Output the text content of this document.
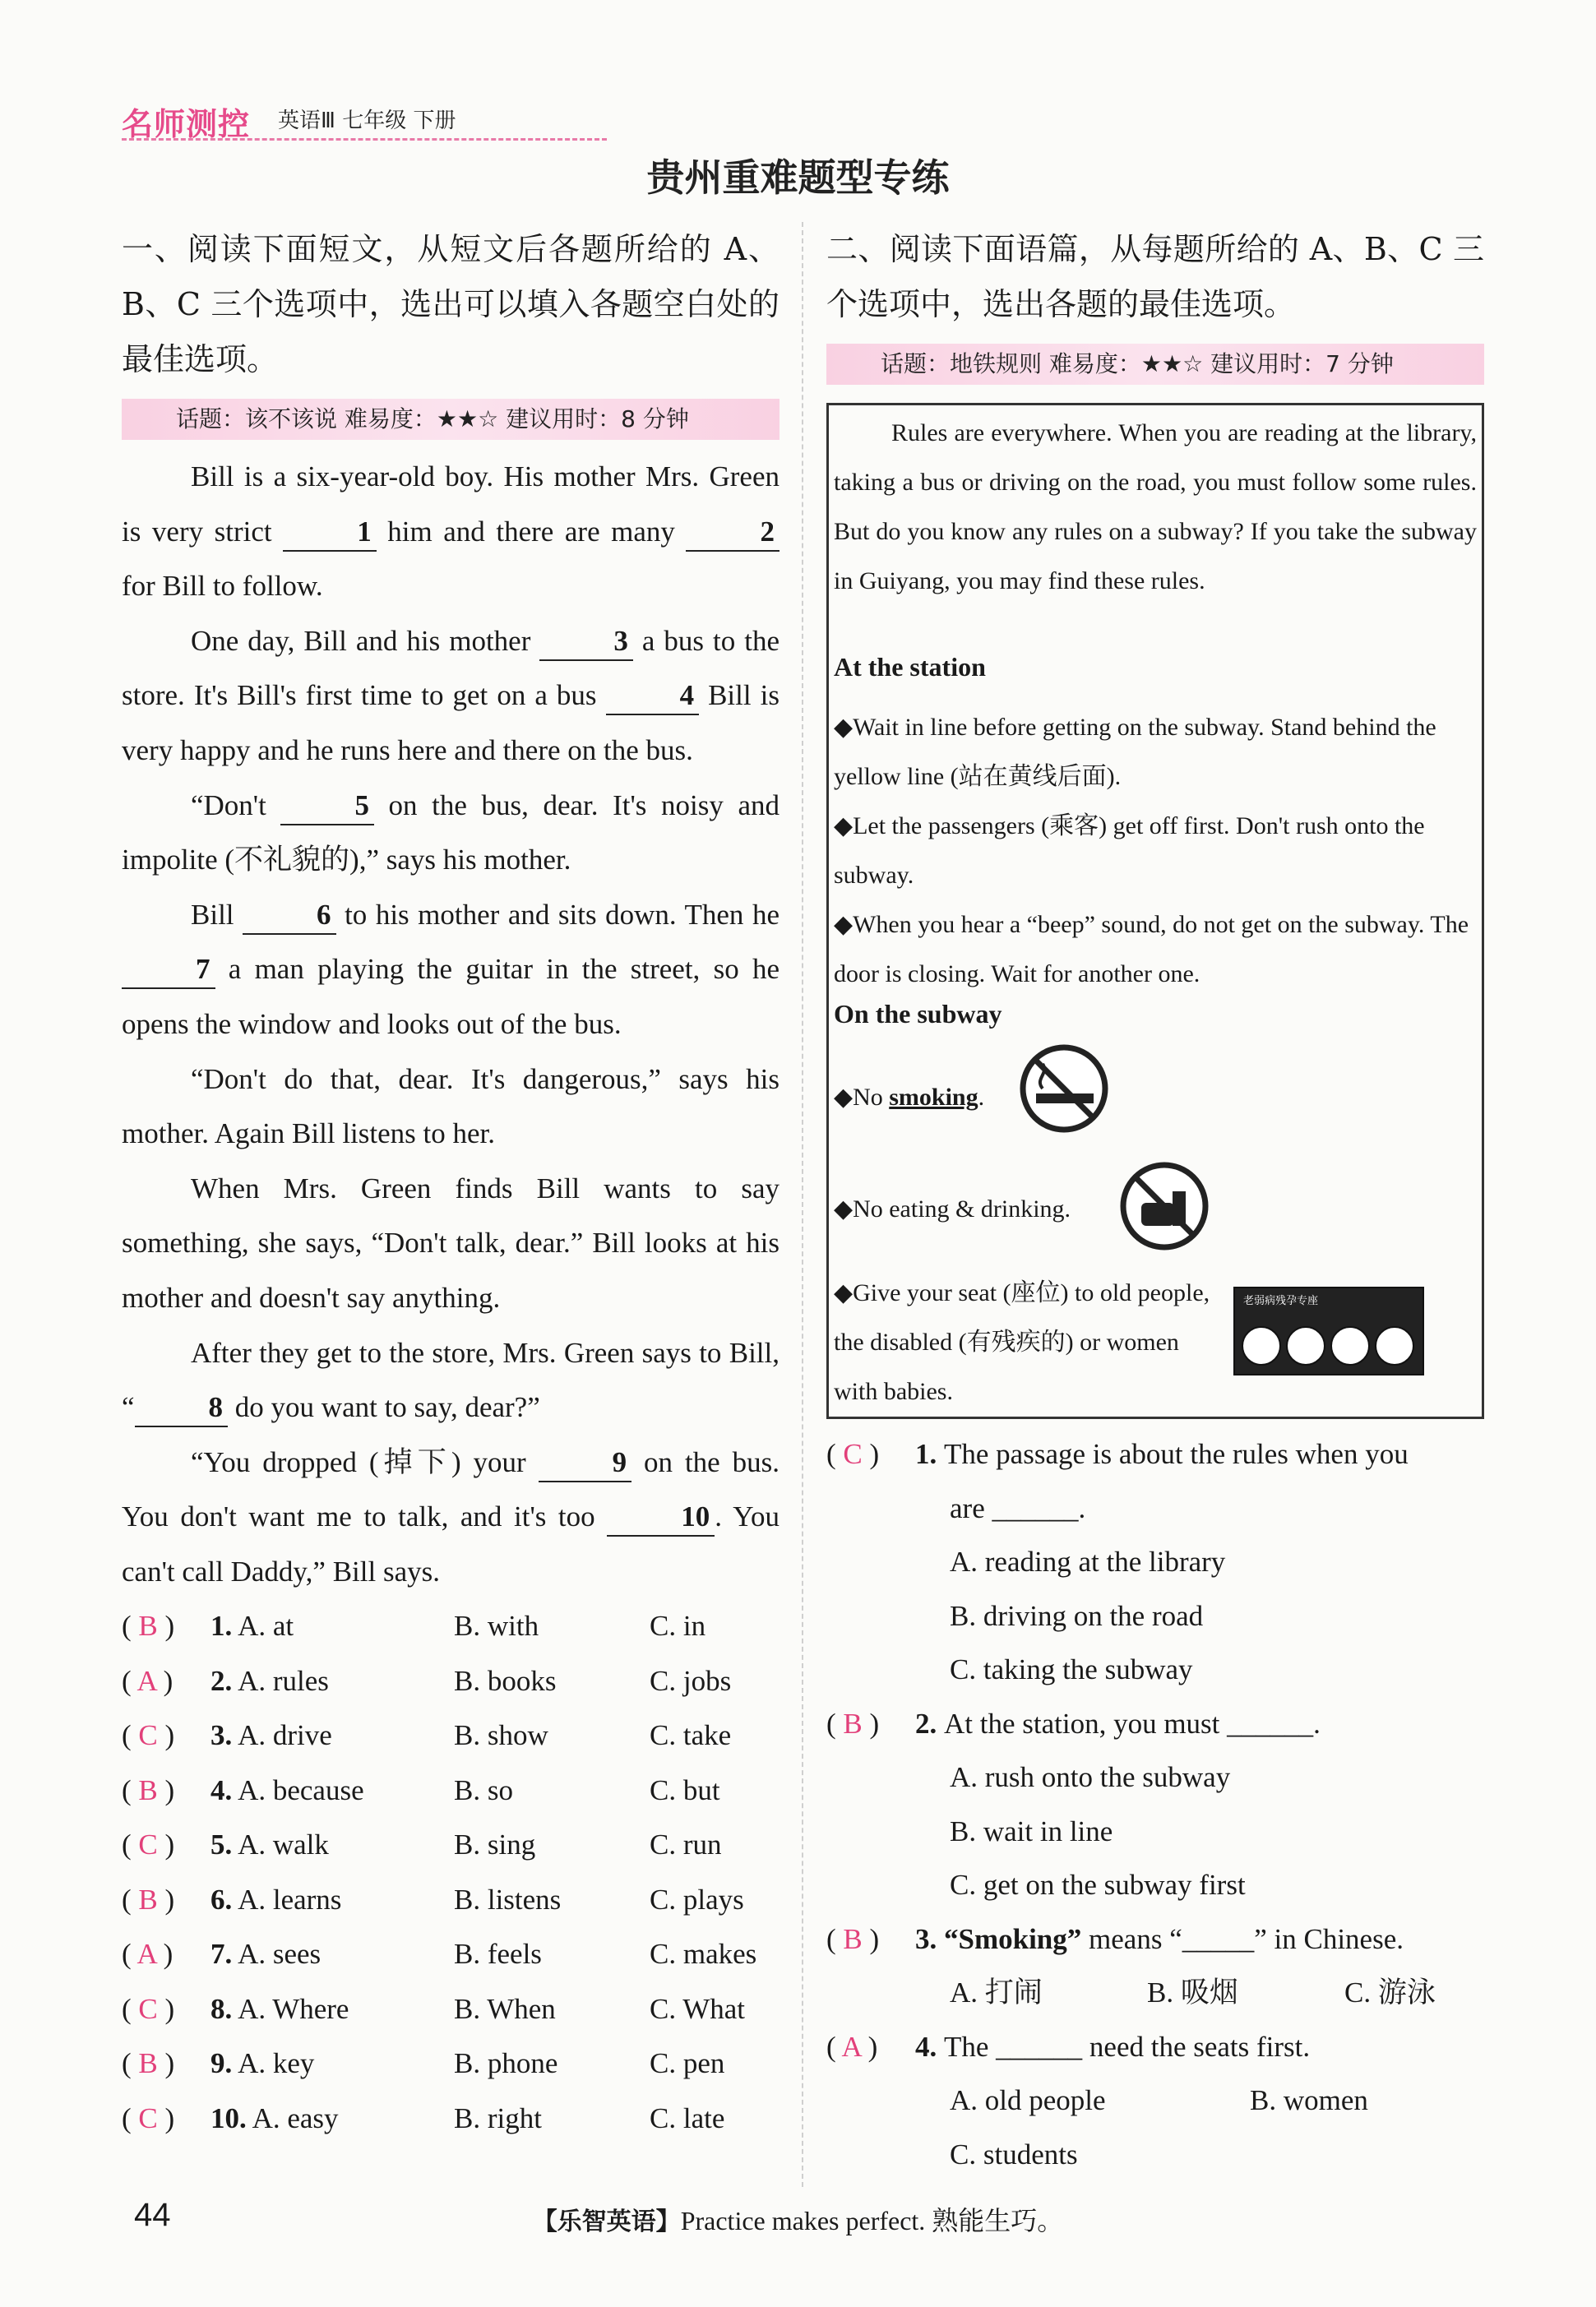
名师测控 英语Ⅲ 七年级 下册
贵州重难题型专练
一、阅读下面短文，从短文后各题所给的 A、B、C 三个选项中，选出可以填入各题空白处的最佳选项。
话题：该不该说 难易度：★★☆ 建议用时：8 分钟
Bill is a six-year-old boy. His mother Mrs. Green is very strict	1 him and there are many	2 for Bill to follow.
One day, Bill and his mother	3 a bus to the store. It's Bill's first time to get on a bus	4 Bill is very happy and he runs here and there on the bus.
“Don't	5 on the bus, dear. It's noisy and impolite (不礼貌的),” says his mother.
Bill	6 to his mother and sits down. Then he 7 a man playing the guitar in the street, so he opens the window and looks out of the bus.
“Don't do that, dear. It's dangerous,” says his mother. Again Bill listens to her.
When Mrs. Green finds Bill wants to say something, she says, “Don't talk, dear.” Bill looks at his mother and doesn't say anything.
After they get to the store, Mrs. Green says to Bill, “	8 do you want to say, dear?”
“You dropped (掉下) your	9 on the bus. You don't want me to talk, and it's too	10 . You can't call Daddy,” Bill says.
( B ) 1. A. at	B. with	C. in
( A ) 2. A. rules	B. books	C. jobs
( C ) 3. A. drive	B. show	C. take
( B ) 4. A. because	B. so	C. but
( C ) 5. A. walk	B. sing	C. run
( B ) 6. A. learns	B. listens	C. plays
( A ) 7. A. sees	B. feels	C. makes
( C ) 8. A. Where	B. When	C. What
( B ) 9. A. key	B. phone	C. pen
( C ) 10. A. easy	B. right	C. late
二、阅读下面语篇，从每题所给的 A、B、C 三个选项中，选出各题的最佳选项。
话题：地铁规则 难易度：★★☆ 建议用时：7 分钟
Rules are everywhere. When you are reading at the library, taking a bus or driving on the road, you must follow some rules. But do you know any rules on a subway? If you take the subway in Guiyang, you may find these rules.
At the station
◆Wait in line before getting on the subway. Stand behind the yellow line (站在黄线后面).
◆Let the passengers (乘客) get off first. Don't rush onto the subway.
◆When you hear a “beep” sound, do not get on the subway. The door is closing. Wait for another one.
On the subway
◆No smoking.
◆No eating & drinking.
◆Give your seat (座位) to old people, the disabled (有残疾的) or women with babies.
老弱病残孕专座
( C ) 1. The passage is about the rules when you
are ______.
A. reading at the library
B. driving on the road
C. taking the subway
( B ) 2. At the station, you must ______.
A. rush onto the subway
B. wait in line
C. get on the subway first
( B ) 3. “Smoking” means “_____” in Chinese.
A. 打闹	B. 吸烟	C. 游泳
( A ) 4. The ______ need the seats first.
A. old people	B. women
C. students
44	【乐智英语】Practice makes perfect. 熟能生巧。
